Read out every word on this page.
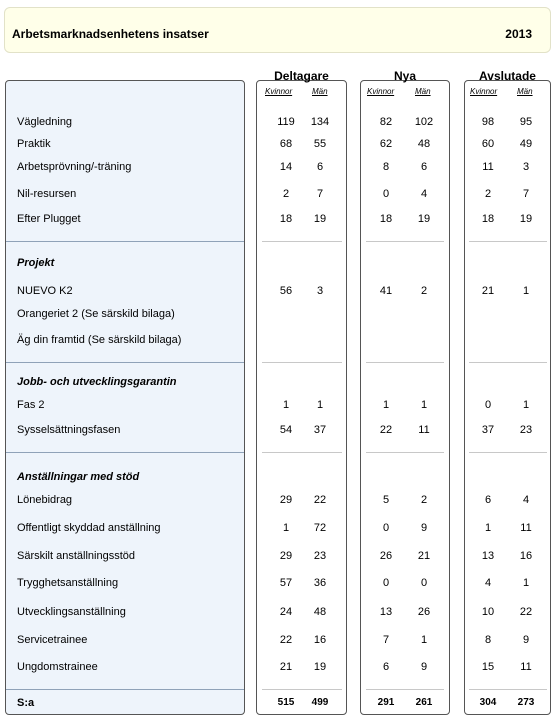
Arbetsmarknadsenhetens insatser	2013
Deltagare	Nya	Avslutade
Kvinnor Män	Kvinnor	Män	Kvinnor Män
Vägledning	119	134	82	102	98	95
Praktik	68	55	62	48	60	49
Arbetsprövning/-träning	14	6	8	6	11	3
Nil-resursen	2	7	0	4	2	7
Efter Plugget	18	19	18	19	18	19
Projekt
NUEVO K2	56	3	41	2	21	1
Orangeriet 2 (Se särskild bilaga)
Äg din framtid (Se särskild bilaga)
Jobb- och utvecklingsgarantin
Fas 2	1	1	1	1	0	1
Sysselsättningsfasen	54	37	22	11	37	23
Anställningar med stöd
Lönebidrag	29	22	5	2	6	4
Offentligt skyddad anställning	1	72	0	9	1	11
Särskilt anställningsstöd	29	23	26	21	13	16
Trygghetsanställning	57	36	0	0	4	1
Utvecklingsanställning	24	48	13	26	10	22
Servicetrainee	22	16	7	1	8	9
Ungdomstrainee	21	19	6	9	15	11
S:a	515	499	291	261	304	273
